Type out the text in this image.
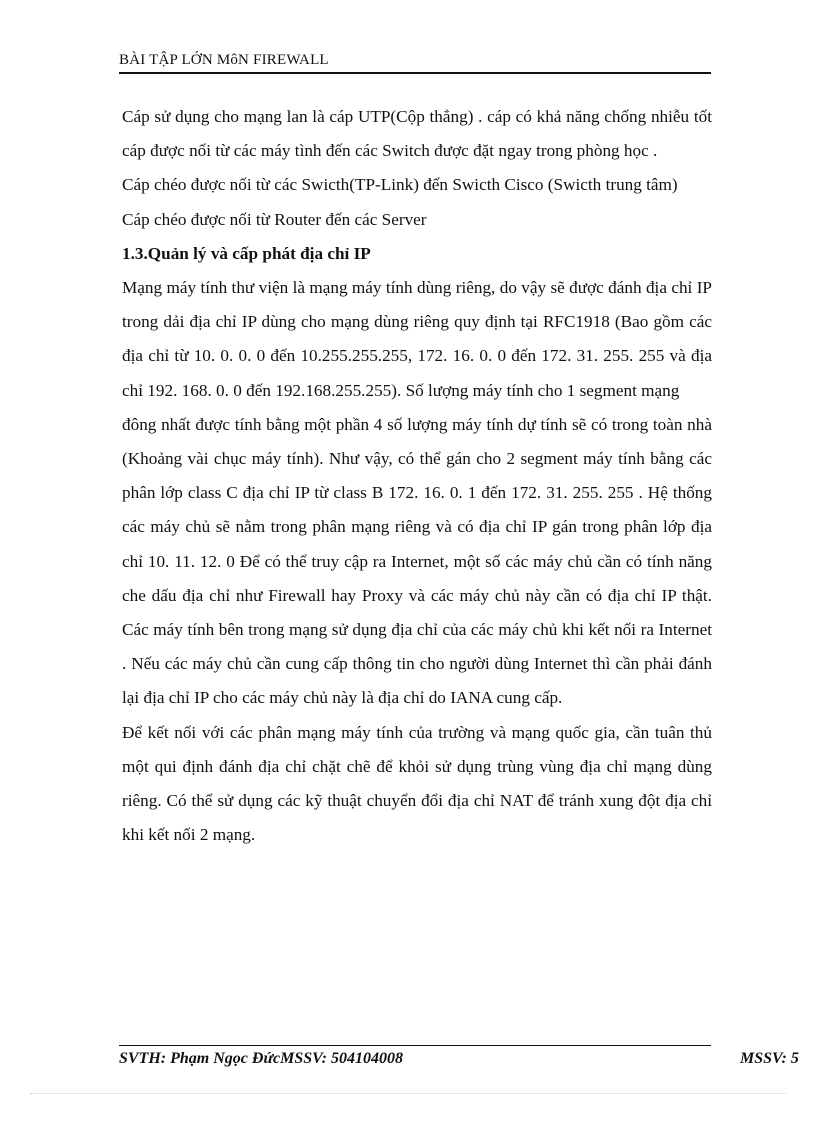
BÀI TẬP LỚN MôN FIREWALL

Cáp sử dụng cho mạng lan là cáp UTP(Cộp thẳng) . cáp có khả năng chống nhiễu tốt cáp được nối từ các máy tình đến các Switch được đặt ngay trong phòng học .

Cáp chéo được nối từ các Swicth(TP-Link) đến Swicth Cisco (Swicth trung tâm)

Cáp chéo được nối từ Router đến các Server

1.3.Quản lý và cấp phát địa chỉ IP

Mạng máy tính thư viện là mạng máy tính dùng riêng, do vậy sẽ được đánh địa chỉ IP trong dải địa chỉ IP dùng cho mạng dùng riêng quy định tại RFC1918 (Bao gồm các địa chỉ từ 10. 0. 0. 0 đến 10.255.255.255, 172. 16. 0. 0 đến 172. 31. 255. 255 và địa chỉ 192. 168. 0. 0 đến 192.168.255.255). Số lượng máy tính cho 1 segment mạng

đông nhất được tính bằng một phần 4 số lượng máy tính dự tính sẽ có trong toàn nhà (Khoảng vài chục máy tính). Như vậy, có thể gán cho 2 segment máy tính bằng các phân lớp class C địa chỉ IP từ class B 172. 16. 0. 1 đến 172. 31. 255. 255 . Hệ thống các máy chủ sẽ nằm trong phân mạng riêng và có địa chỉ IP gán trong phân lớp địa chỉ 10. 11. 12. 0 Để có thể truy cập ra Internet, một số các máy chủ cần có tính năng che dấu địa chỉ như Firewall hay Proxy và các máy chủ này cần có địa chỉ IP thật. Các máy tính bên trong mạng sử dụng địa chỉ của các máy chủ khi kết nối ra Internet . Nếu các máy chủ cần cung cấp thông tin cho người dùng Internet thì cần phải đánh lại địa chỉ IP cho các máy chủ này là địa chỉ do IANA cung cấp.

Để kết nối với các phân mạng máy tính của trường và mạng quốc gia, cần tuân thủ một qui định đánh địa chỉ chặt chẽ để khỏi sử dụng trùng vùng địa chỉ mạng dùng riêng. Có thể sử dụng các kỹ thuật chuyển đổi địa chỉ NAT để tránh xung đột địa chỉ khi kết nối 2 mạng.

SVTH: Phạm Ngọc ĐứcMSSV: 504104008	MSSV: 5
